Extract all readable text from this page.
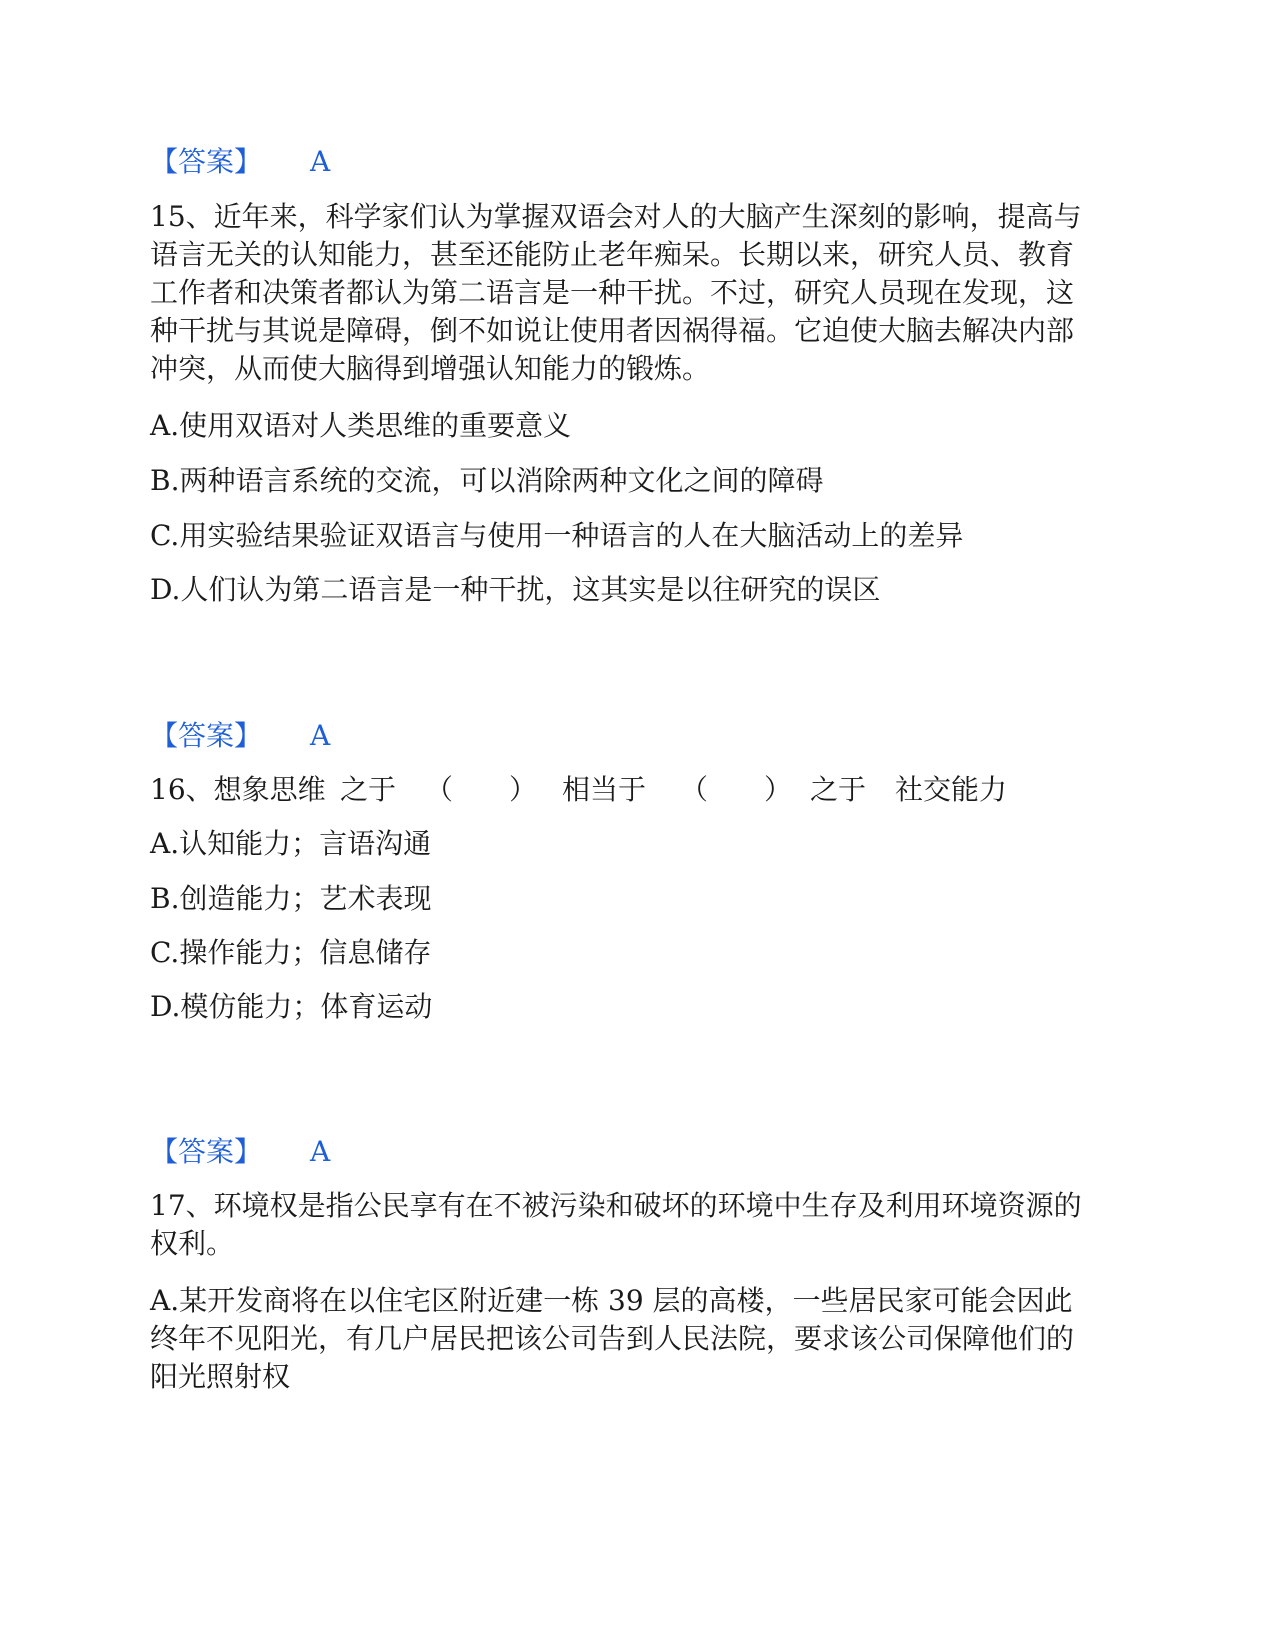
【答案】 A
15、近年来，科学家们认为掌握双语会对人的大脑产生深刻的影响，提高与
语言无关的认知能力，甚至还能防止老年痴呆。长期以来，研究人员、教育
工作者和决策者都认为第二语言是一种干扰。不过，研究人员现在发现，这
种干扰与其说是障碍，倒不如说让使用者因祸得福。它迫使大脑去解决内部
冲突，从而使大脑得到增强认知能力的锻炼。
A.使用双语对人类思维的重要意义
B.两种语言系统的交流，可以消除两种文化之间的障碍
C.用实验结果验证双语言与使用一种语言的人在大脑活动上的差异
D.人们认为第二语言是一种干扰，这其实是以往研究的误区
【答案】 A
16、想象思维 之于 （　　） 相当于 （　　） 之于 社交能力
A.认知能力；言语沟通
B.创造能力；艺术表现
C.操作能力；信息储存
D.模仿能力；体育运动
【答案】 A
17、环境权是指公民享有在不被污染和破坏的环境中生存及利用环境资源的
权利。
A.某开发商将在以住宅区附近建一栋 39 层的高楼，一些居民家可能会因此
终年不见阳光，有几户居民把该公司告到人民法院，要求该公司保障他们的
阳光照射权
